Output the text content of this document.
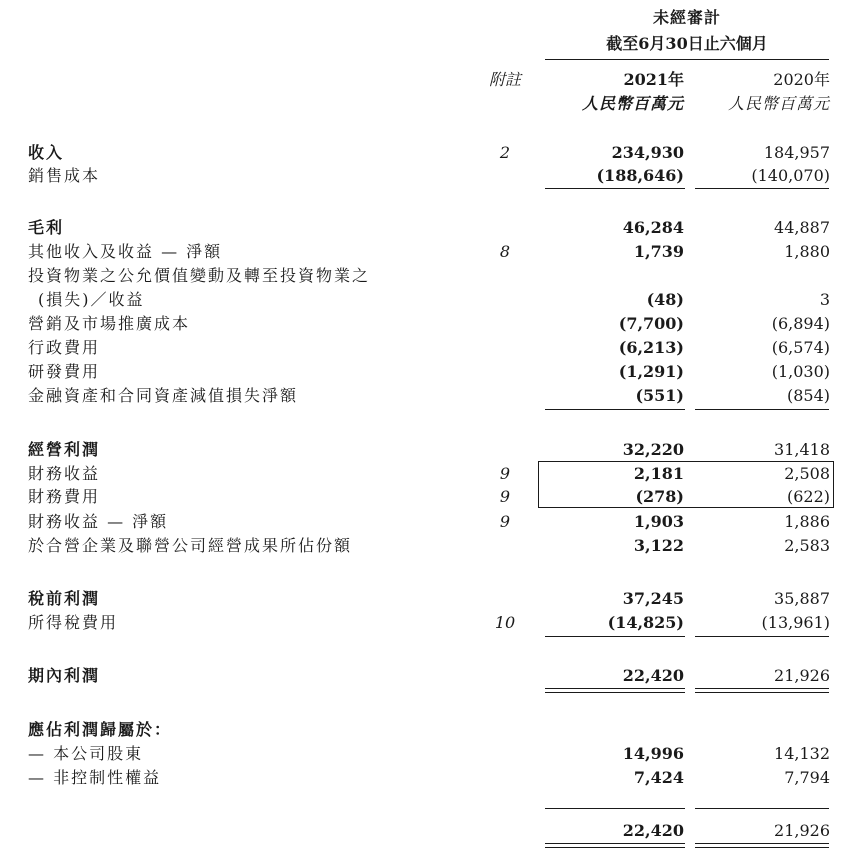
未經審計
截至6月30日止六個月
附註	2021年	2020年
人民幣百萬元	人民幣百萬元
收入	2	234,930	184,957
銷售成本	(188,646)	(140,070)
毛利	46,284	44,887
其他收入及收益 — 淨額	8	1,739	1,880
投資物業之公允價值變動及轉至投資物業之
(損失)／收益	(48)	3
營銷及市場推廣成本	(7,700)	(6,894)
行政費用	(6,213)	(6,574)
研發費用	(1,291)	(1,030)
金融資產和合同資產減值損失淨額	(551)	(854)
經營利潤	32,220	31,418
財務收益	9	2,181	2,508
財務費用	9	(278)	(622)
財務收益 — 淨額	9	1,903	1,886
於合營企業及聯營公司經營成果所佔份額	3,122	2,583
稅前利潤	37,245	35,887
所得稅費用	10	(14,825)	(13,961)
期內利潤	22,420	21,926
應佔利潤歸屬於：
— 本公司股東	14,996	14,132
— 非控制性權益	7,424	7,794
22,420	21,926
